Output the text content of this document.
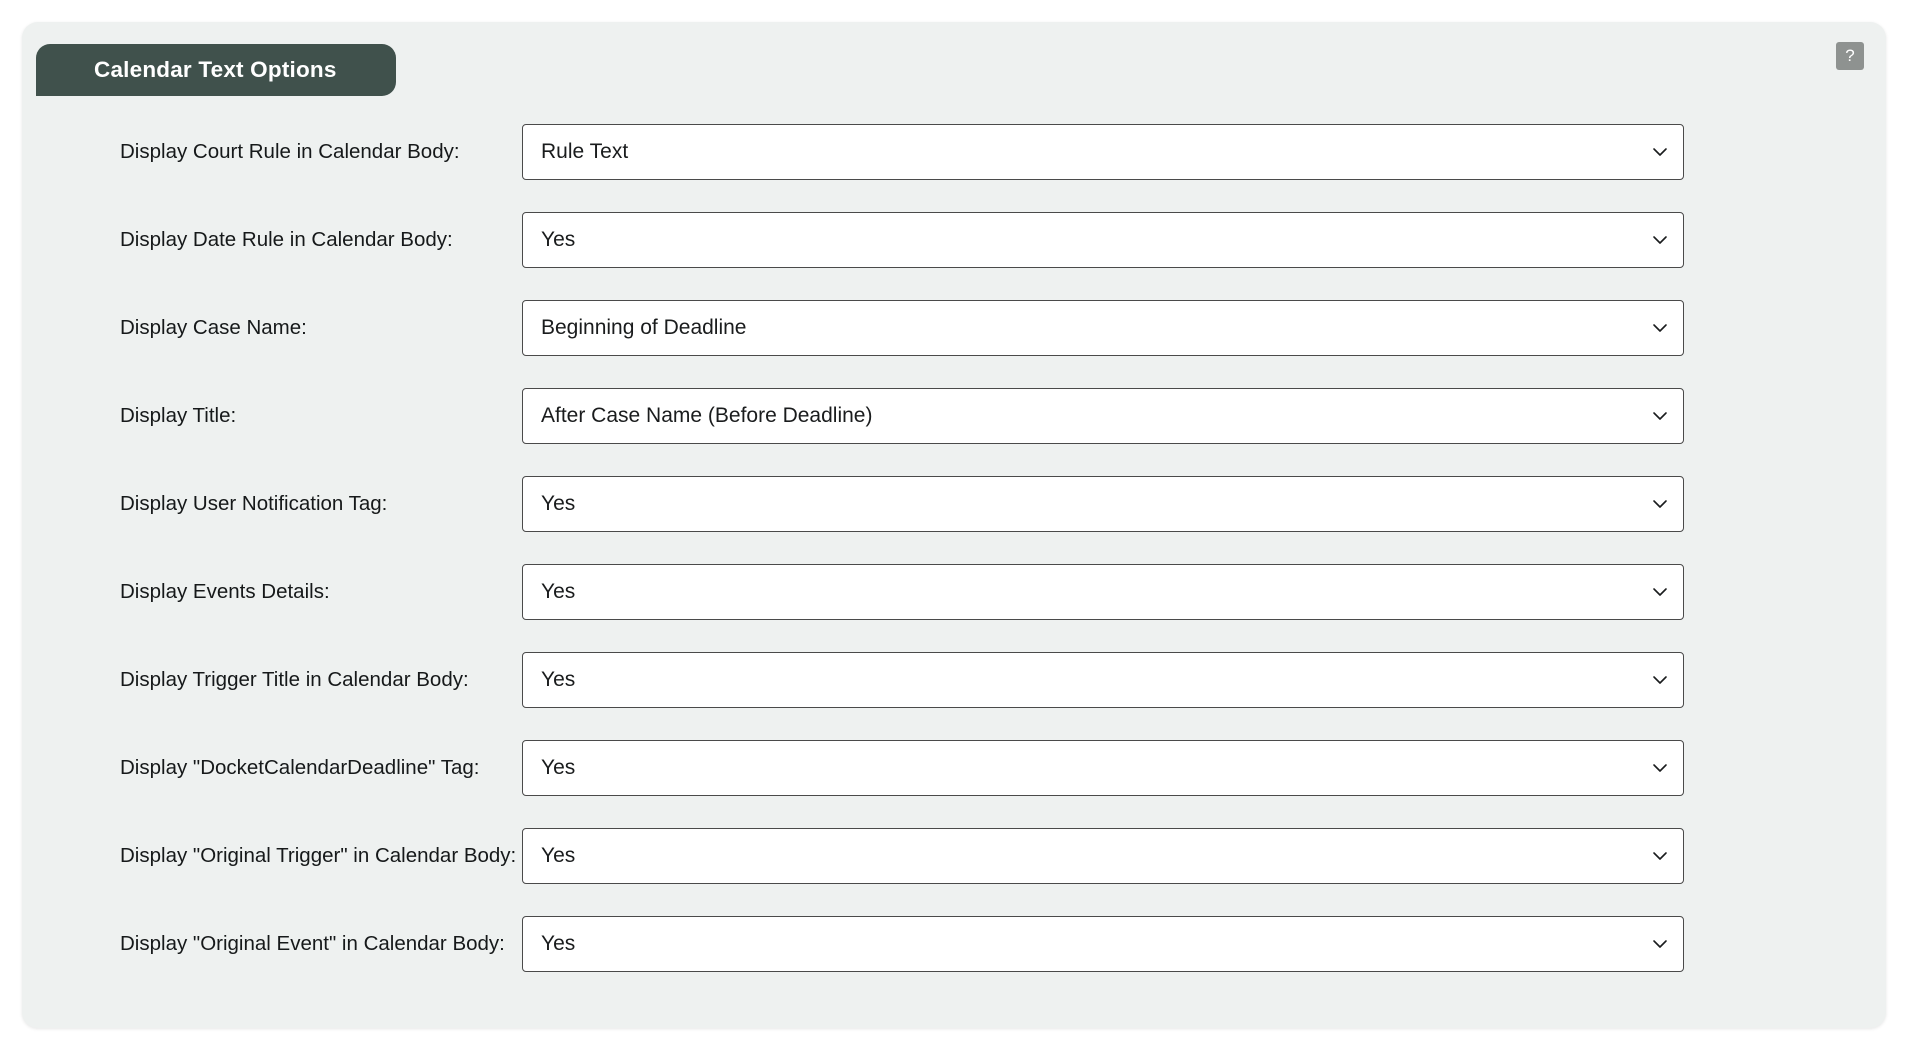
Calendar Text Options
?
Display Court Rule in Calendar Body:	Rule Text
Display Date Rule in Calendar Body:	Yes
Display Case Name:	Beginning of Deadline
Display Title:	After Case Name (Before Deadline)
Display User Notification Tag:	Yes
Display Events Details:	Yes
Display Trigger Title in Calendar Body:	Yes
Display "DocketCalendarDeadline" Tag:	Yes
Display "Original Trigger" in Calendar Body:	Yes
Display "Original Event" in Calendar Body:	Yes
